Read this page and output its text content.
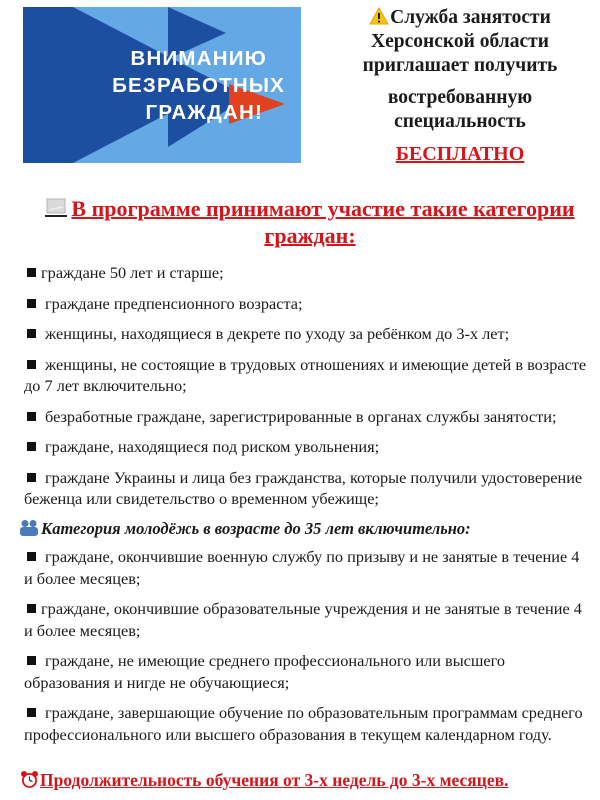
ВНИМАНИЮ
БЕЗРАБОТНЫХ
ГРАЖДАН!
Служба занятости
Херсонской области
приглашает получить
востребованную
специальность
БЕСПЛАТНО
В программе принимают участие такие категории граждан:
граждане 50 лет и старше;
граждане предпенсионного возраста;
женщины, находящиеся в декрете по уходу за ребёнком до 3-х лет;
женщины, не состоящие в трудовых отношениях и имеющие детей в возрасте до 7 лет включительно;
безработные граждане, зарегистрированные в органах службы занятости;
граждане, находящиеся под риском увольнения;
граждане Украины и лица без гражданства, которые получили удостоверение беженца или свидетельство о временном убежище;
Категория молодёжь в возрасте до 35 лет включительно:
граждане, окончившие военную службу по призыву и не занятые в течение 4 и более месяцев;
граждане, окончившие образовательные учреждения и не занятые в течение 4 и более месяцев;
граждане, не имеющие среднего профессионального или высшего образования и нигде не обучающиеся;
граждане, завершающие обучение по образовательным программам среднего профессионального или высшего образования в текущем календарном году.
Продолжительность обучения от 3-х недель до 3-х месяцев.
